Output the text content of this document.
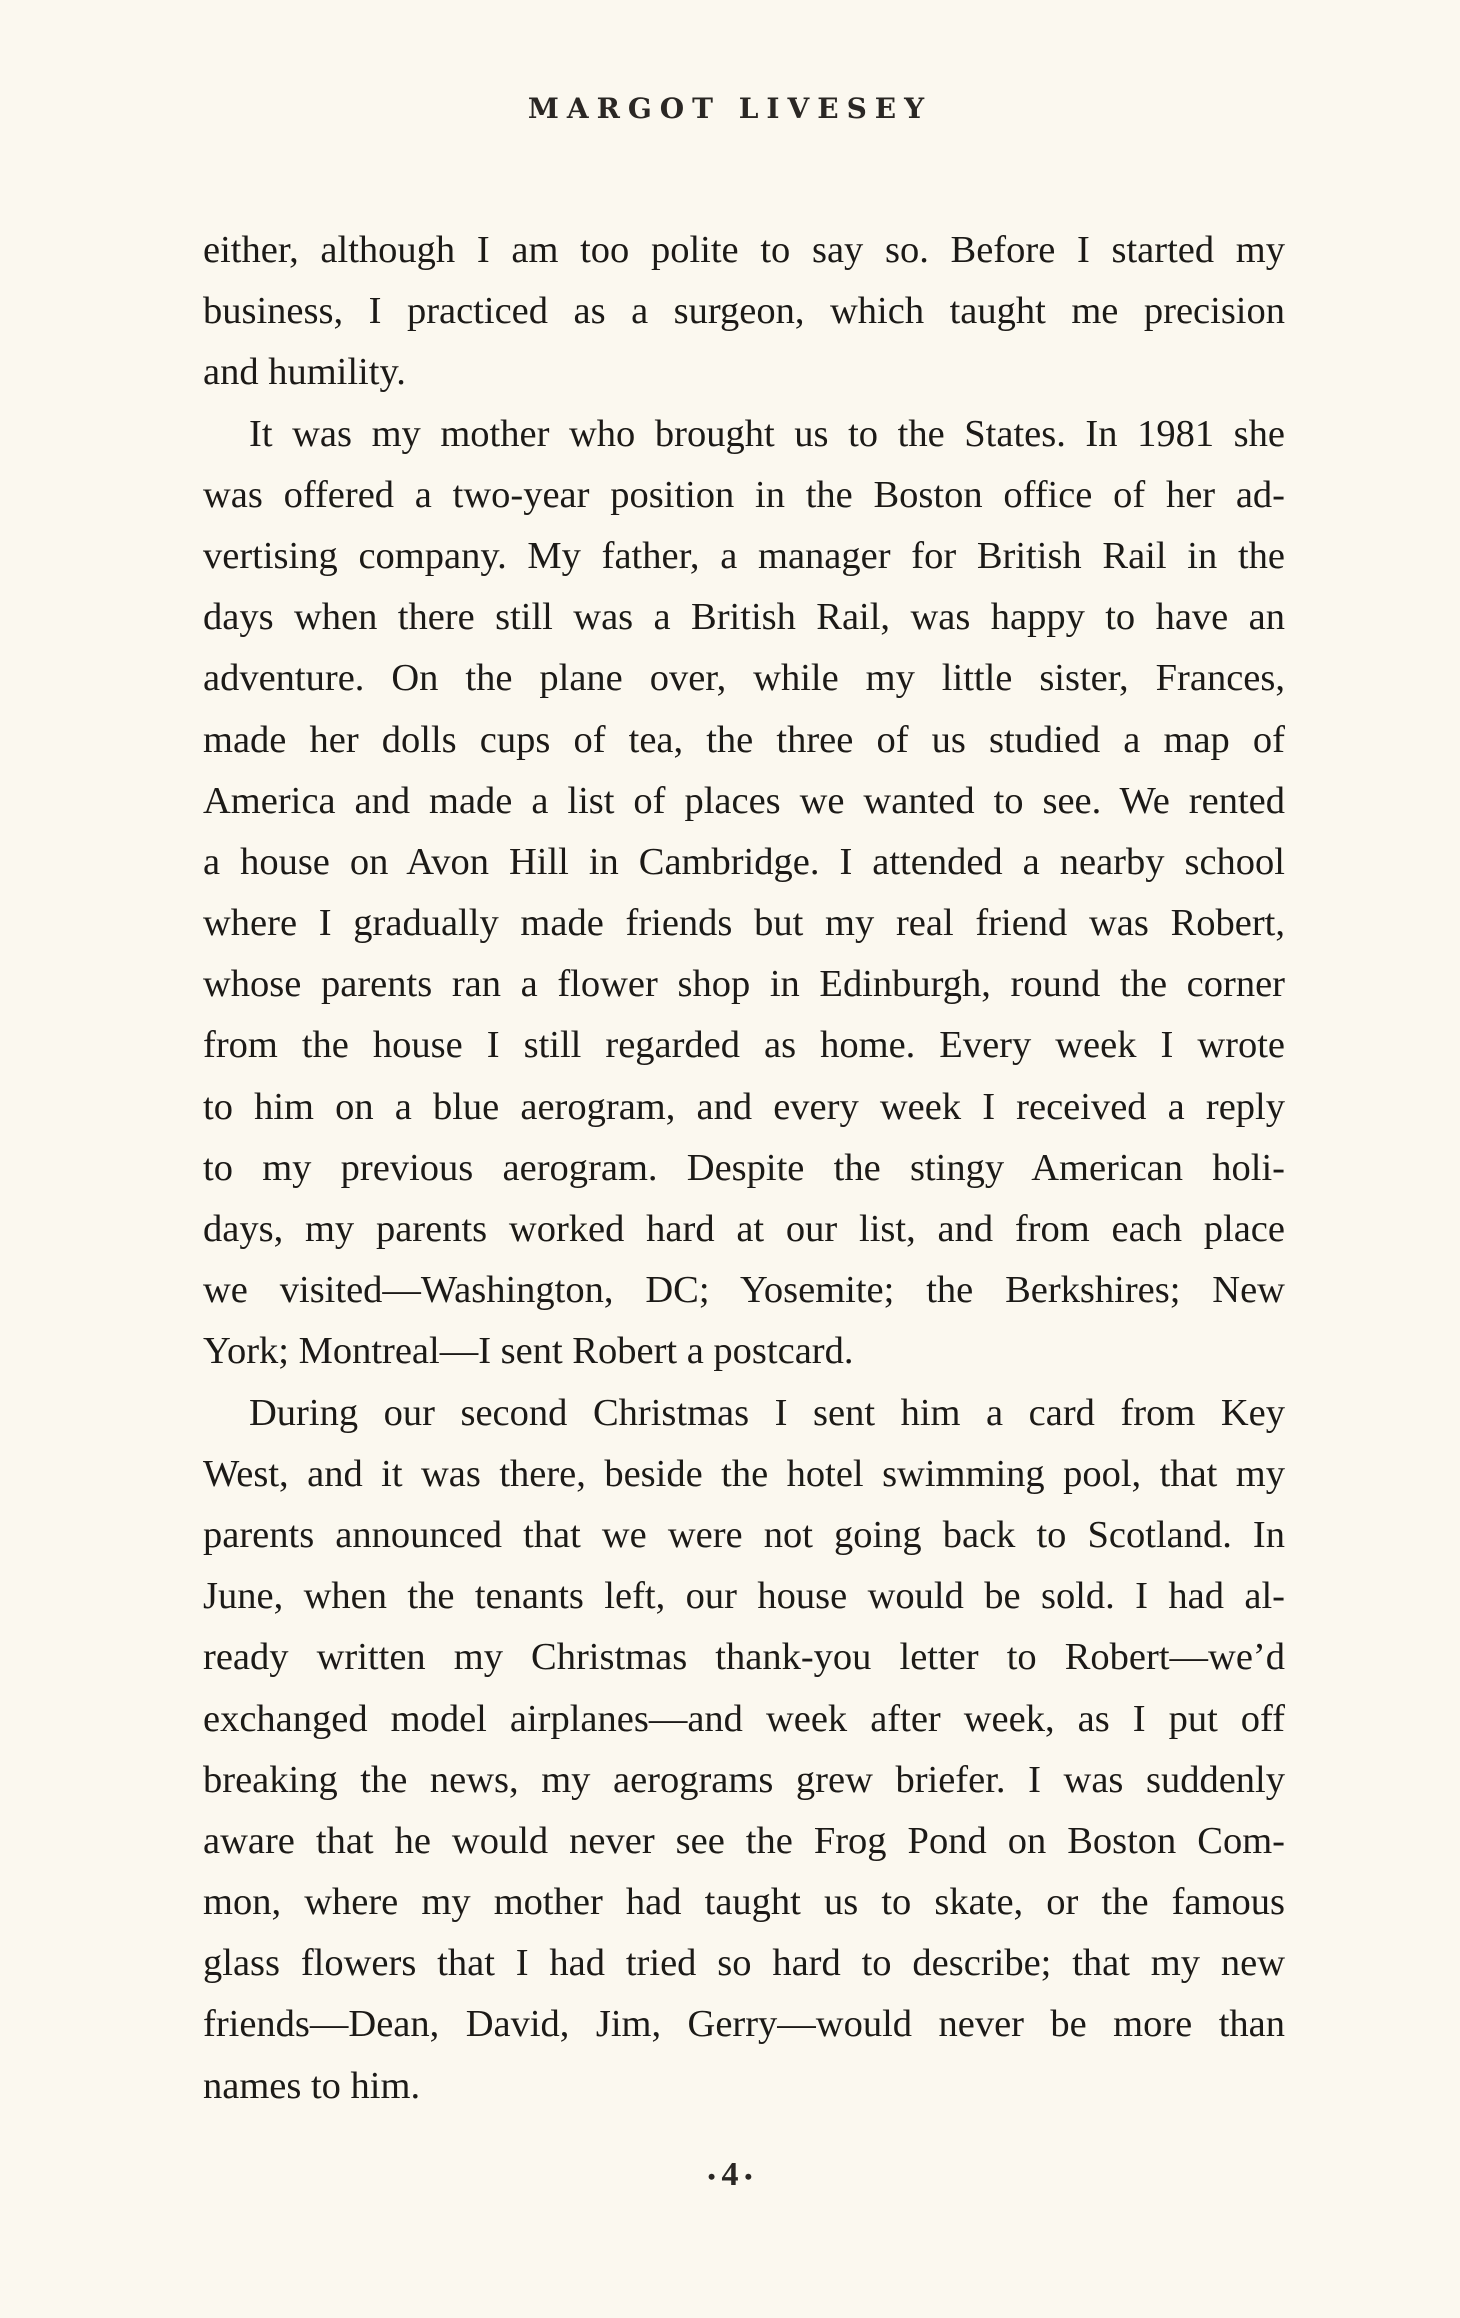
MARGOT LIVESEY
either, although I am too polite to say so. Before I started my
business, I practiced as a surgeon, which taught me precision
and humility.
It was my mother who brought us to the States. In 1981 she
was offered a two-year position in the Boston office of her ad-
vertising company. My father, a manager for British Rail in the
days when there still was a British Rail, was happy to have an
adventure. On the plane over, while my little sister, Frances,
made her dolls cups of tea, the three of us studied a map of
America and made a list of places we wanted to see. We rented
a house on Avon Hill in Cambridge. I attended a nearby school
where I gradually made friends but my real friend was Robert,
whose parents ran a flower shop in Edinburgh, round the corner
from the house I still regarded as home. Every week I wrote
to him on a blue aerogram, and every week I received a reply
to my previous aerogram. Despite the stingy American holi-
days, my parents worked hard at our list, and from each place
we visited—Washington, DC; Yosemite; the Berkshires; New
York; Montreal—I sent Robert a postcard.
During our second Christmas I sent him a card from Key
West, and it was there, beside the hotel swimming pool, that my
parents announced that we were not going back to Scotland. In
June, when the tenants left, our house would be sold. I had al-
ready written my Christmas thank-you letter to Robert—we’d
exchanged model airplanes—and week after week, as I put off
breaking the news, my aerograms grew briefer. I was suddenly
aware that he would never see the Frog Pond on Boston Com-
mon, where my mother had taught us to skate, or the famous
glass flowers that I had tried so hard to describe; that my new
friends—Dean, David, Jim, Gerry—would never be more than
names to him.
• 4 •
